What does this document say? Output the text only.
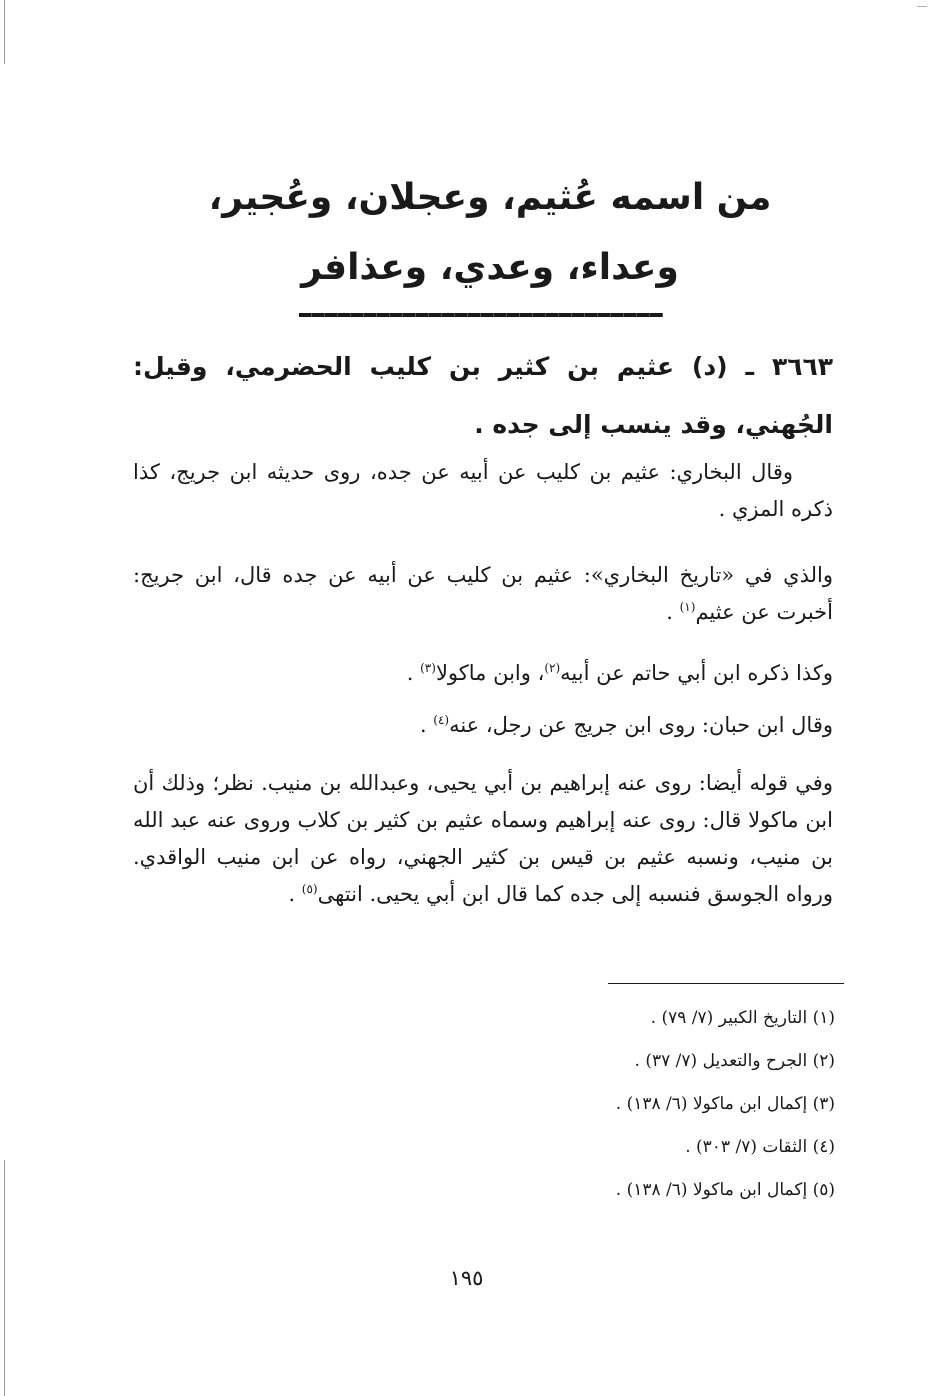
من اسمه عُثيم، وعجلان، وعُجير،
وعداء، وعدي، وعذافر
٣٦٦٣ ـ (د) عثيم بن كثير بن كليب الحضرمي، وقيل: الجُهني، وقد ينسب إلى جده .
وقال البخاري: عثيم بن كليب عن أبيه عن جده، روى حديثه ابن جريج، كذا ذكره المزي .
والذي في «تاريخ البخاري»: عثيم بن كليب عن أبيه عن جده قال، ابن جريج: أخبرت عن عثيم$^{(١)}$ .
وكذا ذكره ابن أبي حاتم عن أبيه$^{(٢)}$، وابن ماكولا$^{(٣)}$ .
وقال ابن حبان: روى ابن جريج عن رجل، عنه$^{(٤)}$ .
وفي قوله أيضا: روى عنه إبراهيم بن أبي يحيى، وعبدالله بن منيب. نظر؛ وذلك أن ابن ماكولا قال: روى عنه إبراهيم وسماه عثيم بن كثير بن كلاب وروى عنه عبد الله بن منيب، ونسبه عثيم بن قيس بن كثير الجهني، رواه عن ابن منيب الواقدي. ورواه الجوسق فنسبه إلى جده كما قال ابن أبي يحيى. انتهى$^{(٥)}$ .
(١) التاريخ الكبير (٧/ ٧٩) .
(٢) الجرح والتعديل (٧/ ٣٧) .
(٣) إكمال ابن ماكولا (٦/ ١٣٨) .
(٤) الثقات (٧/ ٣٠٣) .
(٥) إكمال ابن ماكولا (٦/ ١٣٨) .
١٩٥
